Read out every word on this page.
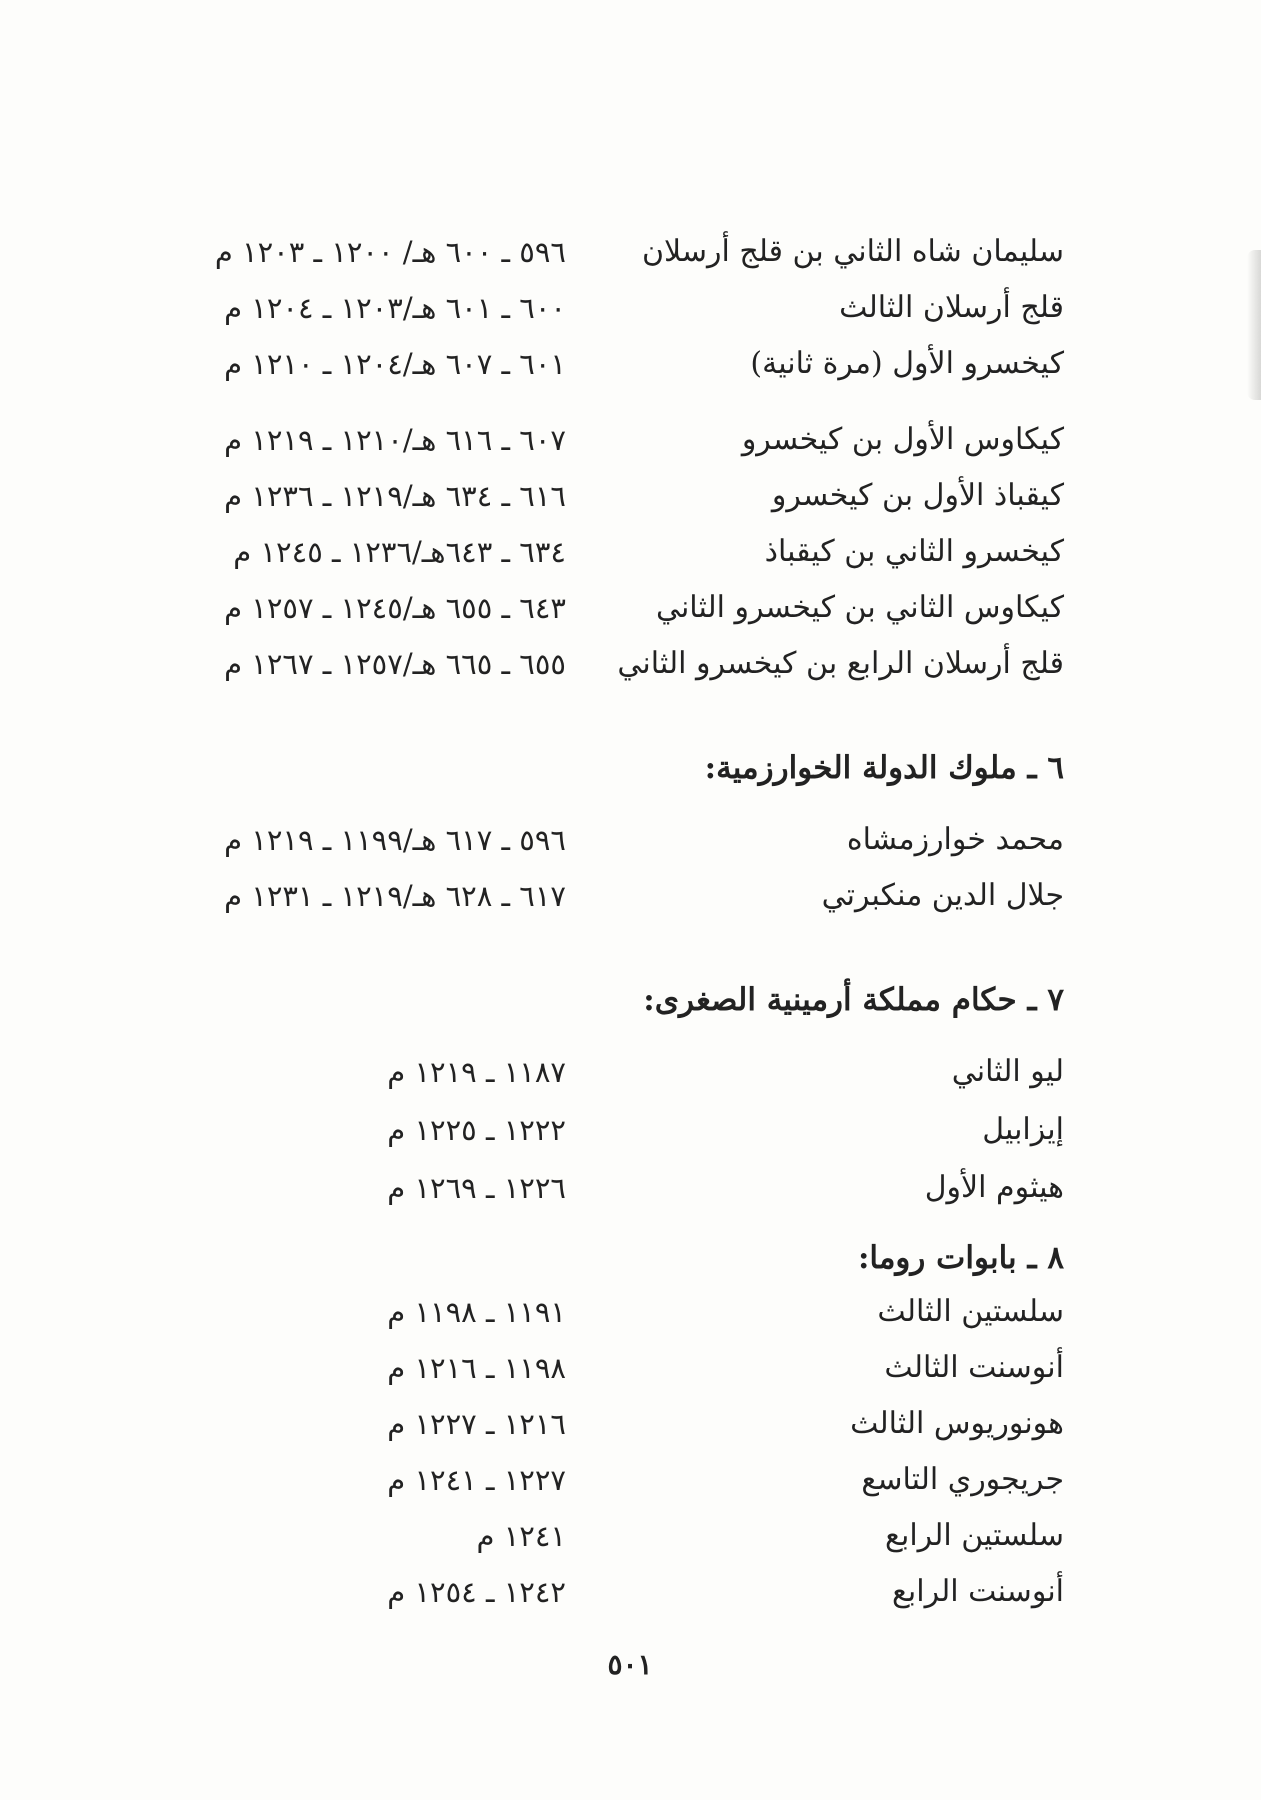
سليمان شاه الثاني بن قلج أرسلان
٥٩٦ ـ ٦٠٠ هـ/ ١٢٠٠ ـ ١٢٠٣ م
قلج أرسلان الثالث
٦٠٠ ـ ٦٠١ هـ/١٢٠٣ ـ ١٢٠٤ م
كيخسرو الأول (مرة ثانية)
٦٠١ ـ ٦٠٧ هـ/١٢٠٤ ـ ١٢١٠ م
كيكاوس الأول بن كيخسرو
٦٠٧ ـ ٦١٦ هـ/١٢١٠ ـ ١٢١٩ م
كيقباذ الأول بن كيخسرو
٦١٦ ـ ٦٣٤ هـ/١٢١٩ ـ ١٢٣٦ م
كيخسرو الثاني بن كيقباذ
٦٣٤ ـ ٦٤٣هـ/١٢٣٦ ـ ١٢٤٥ م
كيكاوس الثاني بن كيخسرو الثاني
٦٤٣ ـ ٦٥٥ هـ/١٢٤٥ ـ ١٢٥٧ م
قلج أرسلان الرابع بن كيخسرو الثاني
٦٥٥ ـ ٦٦٥ هـ/١٢٥٧ ـ ١٢٦٧ م
٦ ـ ملوك الدولة الخوارزمية:
محمد خوارزمشاه
٥٩٦ ـ ٦١٧ هـ/١١٩٩ ـ ١٢١٩ م
جلال الدين منكبرتي
٦١٧ ـ ٦٢٨ هـ/١٢١٩ ـ ١٢٣١ م
٧ ـ حكام مملكة أرمينية الصغرى:
ليو الثاني
١١٨٧ ـ ١٢١٩ م
إيزابيل
١٢٢٢ ـ ١٢٢٥ م
هيثوم الأول
١٢٢٦ ـ ١٢٦٩ م
٨ ـ بابوات روما:
سلستين الثالث
١١٩١ ـ ١١٩٨ م
أنوسنت الثالث
١١٩٨ ـ ١٢١٦ م
هونوريوس الثالث
١٢١٦ ـ ١٢٢٧ م
جريجوري التاسع
١٢٢٧ ـ ١٢٤١ م
سلستين الرابع
١٢٤١ م
أنوسنت الرابع
١٢٤٢ ـ ١٢٥٤ م
٥٠١
